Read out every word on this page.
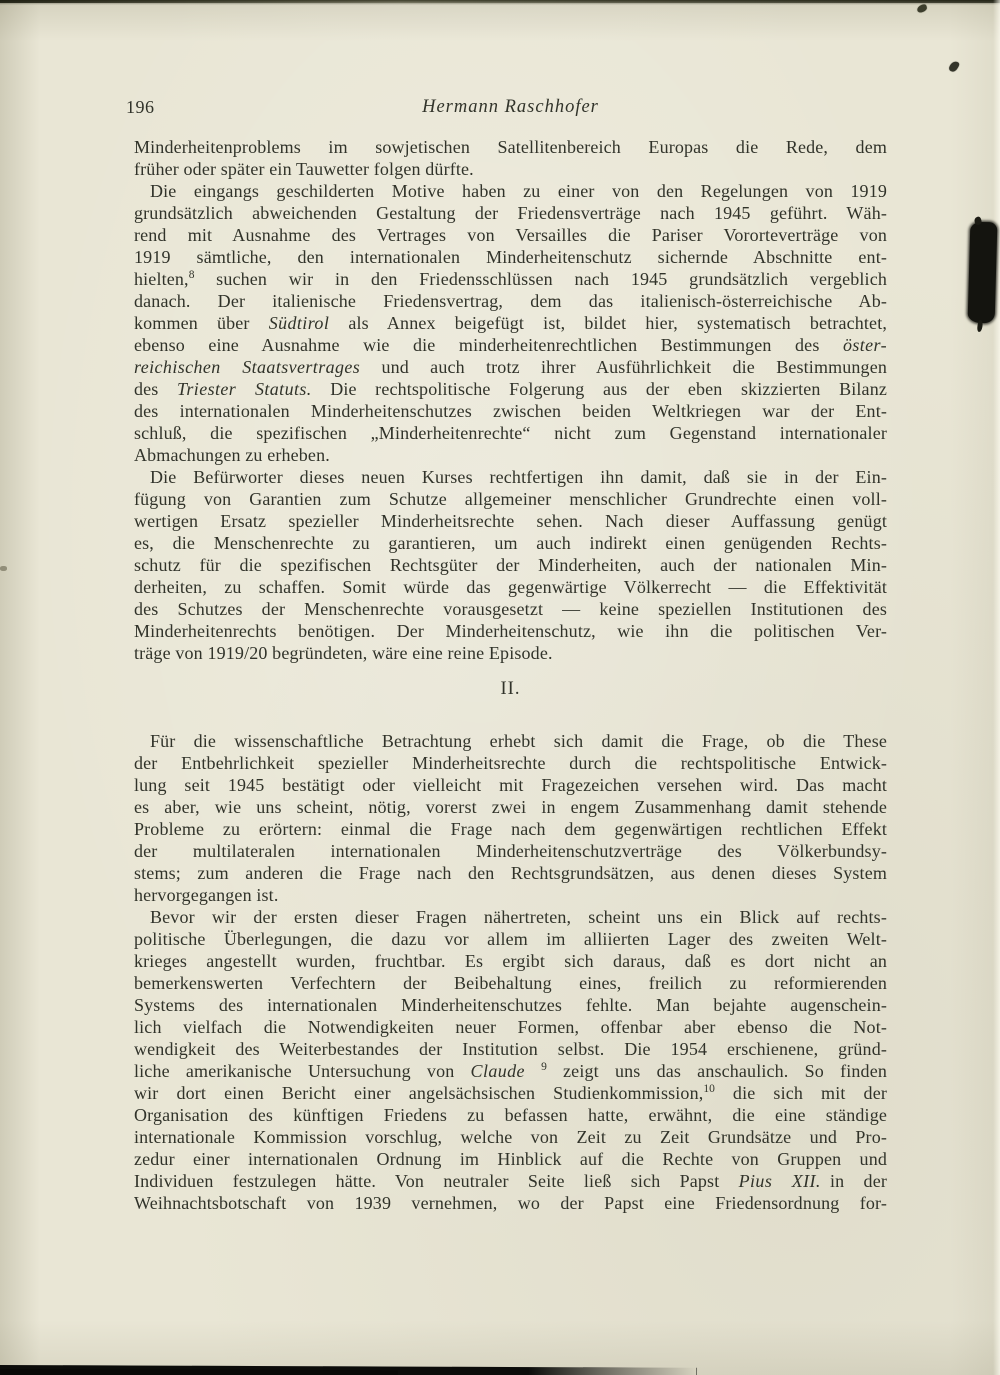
196	Hermann Raschhofer
Minderheitenproblems im sowjetischen Satellitenbereich Europas die Rede, dem
früher oder später ein Tauwetter folgen dürfte.
Die eingangs geschilderten Motive haben zu einer von den Regelungen von 1919
grundsätzlich abweichenden Gestaltung der Friedensverträge nach 1945 geführt. Wäh-
rend mit Ausnahme des Vertrages von Versailles die Pariser Vororteverträge von
1919 sämtliche, den internationalen Minderheitenschutz sichernde Abschnitte ent-
hielten,$^8$ suchen wir in den Friedensschlüssen nach 1945 grundsätzlich vergeblich
danach. Der italienische Friedensvertrag, dem das italienisch-österreichische Ab-
kommen über Südtirol als Annex beigefügt ist, bildet hier, systematisch betrachtet,
ebenso eine Ausnahme wie die minderheitenrechtlichen Bestimmungen des öster-
reichischen Staatsvertrages und auch trotz ihrer Ausführlichkeit die Bestimmungen
des Triester Statuts. Die rechtspolitische Folgerung aus der eben skizzierten Bilanz
des internationalen Minderheitenschutzes zwischen beiden Weltkriegen war der Ent-
schluß, die spezifischen „Minderheitenrechte“ nicht zum Gegenstand internationaler
Abmachungen zu erheben.
Die Befürworter dieses neuen Kurses rechtfertigen ihn damit, daß sie in der Ein-
fügung von Garantien zum Schutze allgemeiner menschlicher Grundrechte einen voll-
wertigen Ersatz spezieller Minderheitsrechte sehen. Nach dieser Auffassung genügt
es, die Menschenrechte zu garantieren, um auch indirekt einen genügenden Rechts-
schutz für die spezifischen Rechtsgüter der Minderheiten, auch der nationalen Min-
derheiten, zu schaffen. Somit würde das gegenwärtige Völkerrecht — die Effektivität
des Schutzes der Menschenrechte vorausgesetzt — keine speziellen Institutionen des
Minderheitenrechts benötigen. Der Minderheitenschutz, wie ihn die politischen Ver-
träge von 1919/20 begründeten, wäre eine reine Episode.
II.
Für die wissenschaftliche Betrachtung erhebt sich damit die Frage, ob die These
der Entbehrlichkeit spezieller Minderheitsrechte durch die rechtspolitische Entwick-
lung seit 1945 bestätigt oder vielleicht mit Fragezeichen versehen wird. Das macht
es aber, wie uns scheint, nötig, vorerst zwei in engem Zusammenhang damit stehende
Probleme zu erörtern: einmal die Frage nach dem gegenwärtigen rechtlichen Effekt
der multilateralen internationalen Minderheitenschutzverträge des Völkerbundsy-
stems; zum anderen die Frage nach den Rechtsgrundsätzen, aus denen dieses System
hervorgegangen ist.
Bevor wir der ersten dieser Fragen nähertreten, scheint uns ein Blick auf rechts-
politische Überlegungen, die dazu vor allem im alliierten Lager des zweiten Welt-
krieges angestellt wurden, fruchtbar. Es ergibt sich daraus, daß es dort nicht an
bemerkenswerten Verfechtern der Beibehaltung eines, freilich zu reformierenden
Systems des internationalen Minderheitenschutzes fehlte. Man bejahte augenschein-
lich vielfach die Notwendigkeiten neuer Formen, offenbar aber ebenso die Not-
wendigkeit des Weiterbestandes der Institution selbst. Die 1954 erschienene, gründ-
liche amerikanische Untersuchung von Claude $^9$ zeigt uns das anschaulich. So finden
wir dort einen Bericht einer angelsächsischen Studienkommission,$^{10}$ die sich mit der
Organisation des künftigen Friedens zu befassen hatte, erwähnt, die eine ständige
internationale Kommission vorschlug, welche von Zeit zu Zeit Grundsätze und Pro-
zedur einer internationalen Ordnung im Hinblick auf die Rechte von Gruppen und
Individuen festzulegen hätte. Von neutraler Seite ließ sich Papst Pius XII. in der
Weihnachtsbotschaft von 1939 vernehmen, wo der Papst eine Friedensordnung for-
